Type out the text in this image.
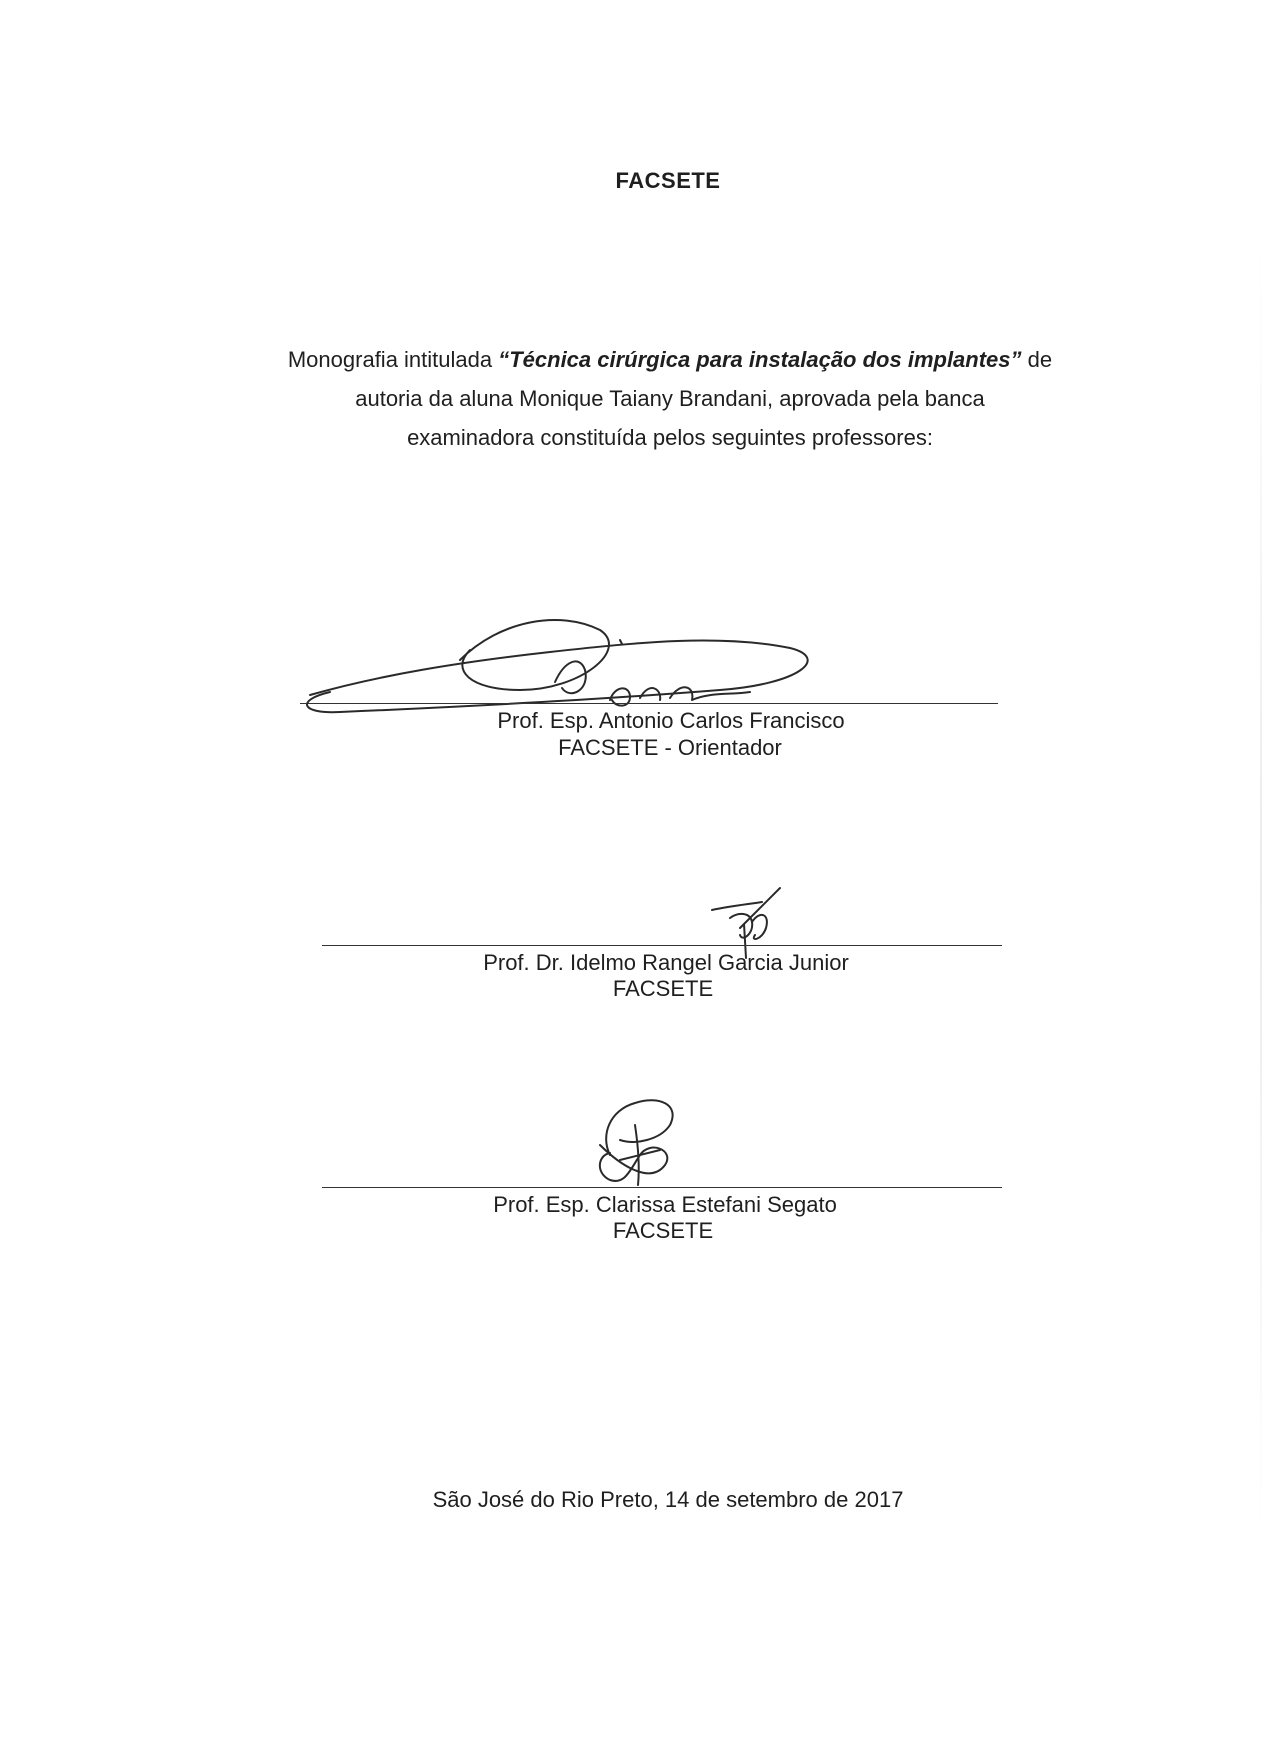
FACSETE
Monografia intitulada “Técnica cirúrgica para instalação dos implantes” de
autoria da aluna Monique Taiany Brandani, aprovada pela banca
examinadora constituída pelos seguintes professores:
Prof. Esp. Antonio Carlos Francisco
FACSETE - Orientador
Prof. Dr. Idelmo Rangel Garcia Junior
FACSETE
Prof. Esp. Clarissa Estefani Segato
FACSETE
São José do Rio Preto, 14 de setembro de 2017
